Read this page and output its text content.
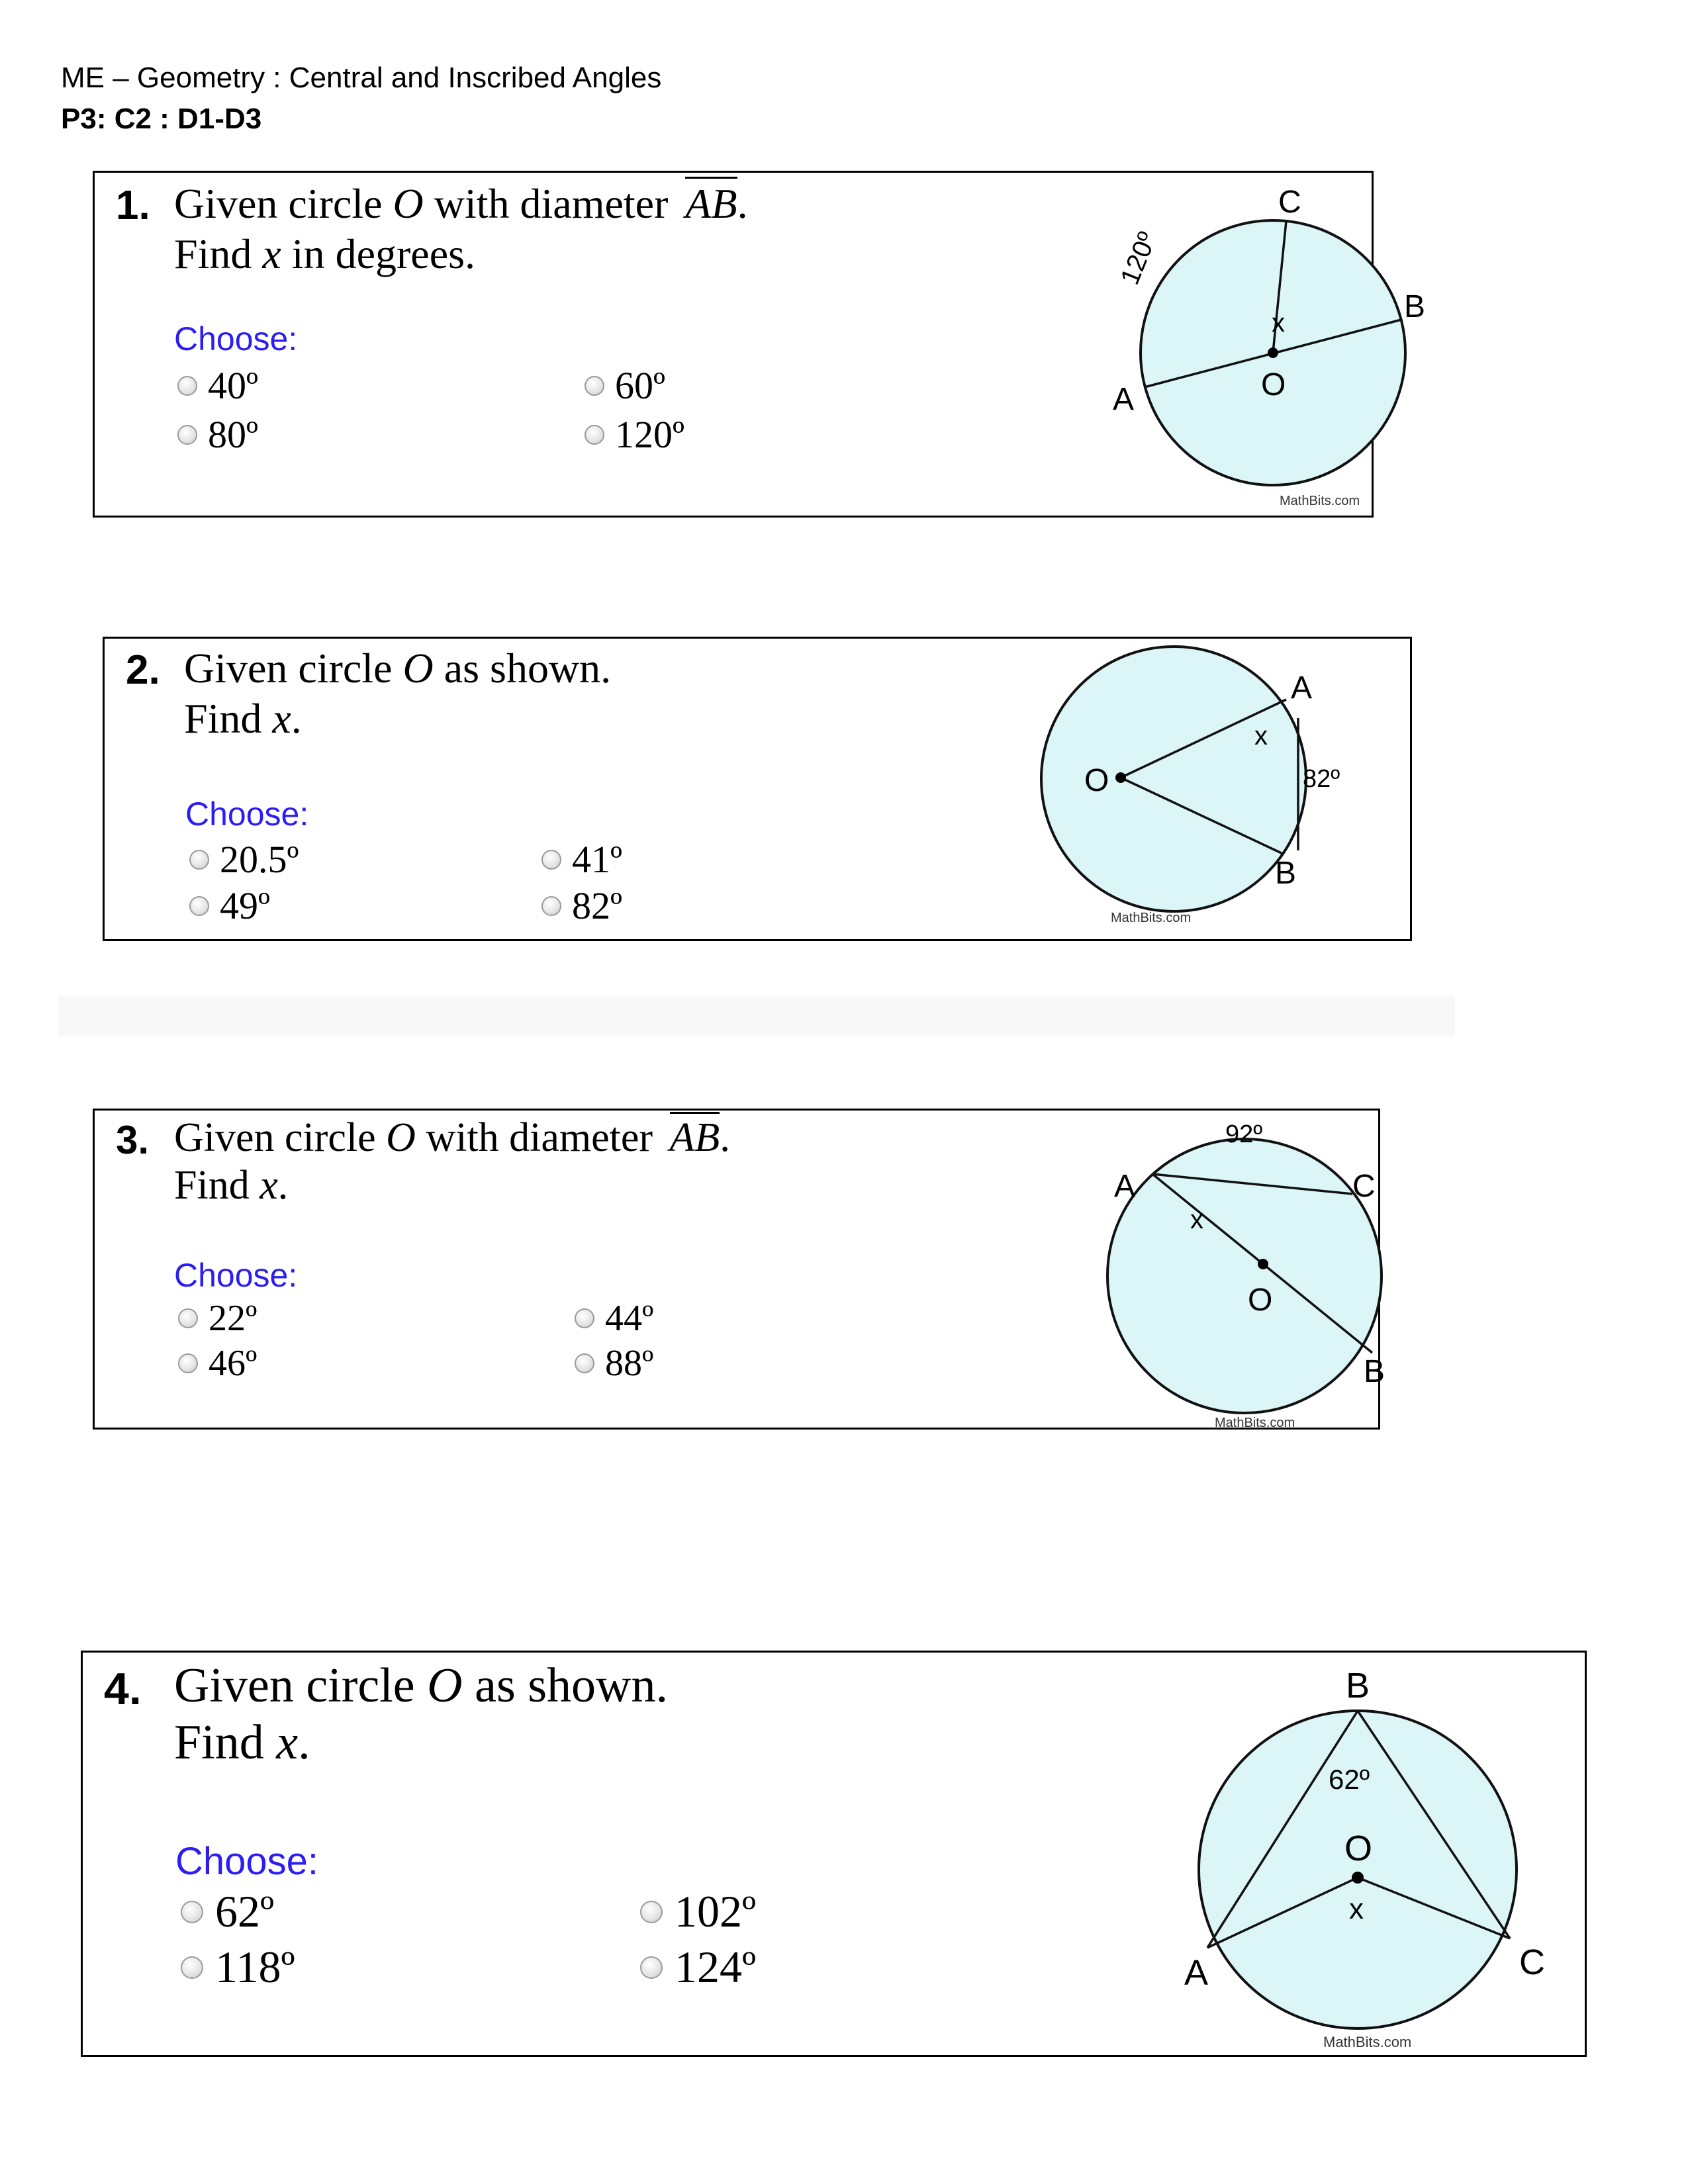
ME – Geometry : Central and Inscribed Angles
P3: C2 : D1-D3
1. Given circle O with diameter AB.
Find x in degrees.
Choose:
40º	60º
80º	120º
C
B
A	O
x
120º
MathBits.com
2. Given circle O as shown.
Find x.
Choose:
20.5º	41º
49º	82º
A
B
O
x
82º
MathBits.com
3. Given circle O with diameter AB.
Find x.
Choose:
22º	44º
46º	88º
92º
A	C
B
O
x
MathBits.com
4. Given circle O as shown.
Find x.
Choose:
62º	102º
118º	124º
B
62º
O
x
A	C
MathBits.com
